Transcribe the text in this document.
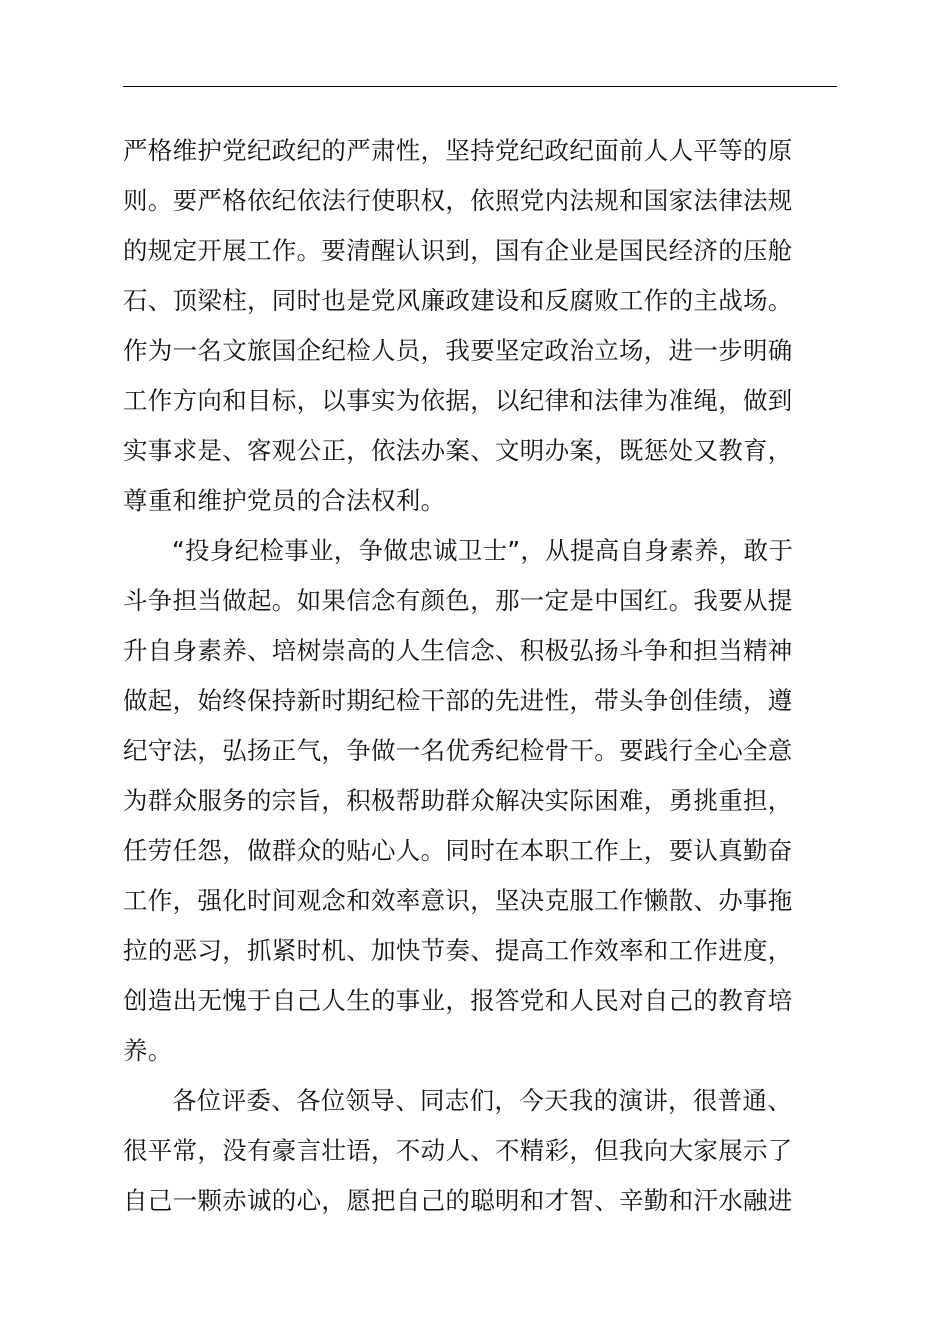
严格维护党纪政纪的严肃性，坚持党纪政纪面前人人平等的原
则。要严格依纪依法行使职权，依照党内法规和国家法律法规
的规定开展工作。要清醒认识到，国有企业是国民经济的压舱
石、顶梁柱，同时也是党风廉政建设和反腐败工作的主战场。
作为一名文旅国企纪检人员，我要坚定政治立场，进一步明确
工作方向和目标，以事实为依据，以纪律和法律为准绳，做到
实事求是、客观公正，依法办案、文明办案，既惩处又教育，
尊重和维护党员的合法权利。
“投身纪检事业，争做忠诚卫士”，从提高自身素养，敢于
斗争担当做起。如果信念有颜色，那一定是中国红。我要从提
升自身素养、培树崇高的人生信念、积极弘扬斗争和担当精神
做起，始终保持新时期纪检干部的先进性，带头争创佳绩，遵
纪守法，弘扬正气，争做一名优秀纪检骨干。要践行全心全意
为群众服务的宗旨，积极帮助群众解决实际困难，勇挑重担，
任劳任怨，做群众的贴心人。同时在本职工作上，要认真勤奋
工作，强化时间观念和效率意识，坚决克服工作懒散、办事拖
拉的恶习，抓紧时机、加快节奏、提高工作效率和工作进度，
创造出无愧于自己人生的事业，报答党和人民对自己的教育培
养。
各位评委、各位领导、同志们，今天我的演讲，很普通、
很平常，没有豪言壮语，不动人、不精彩，但我向大家展示了
自己一颗赤诚的心，愿把自己的聪明和才智、辛勤和汗水融进
